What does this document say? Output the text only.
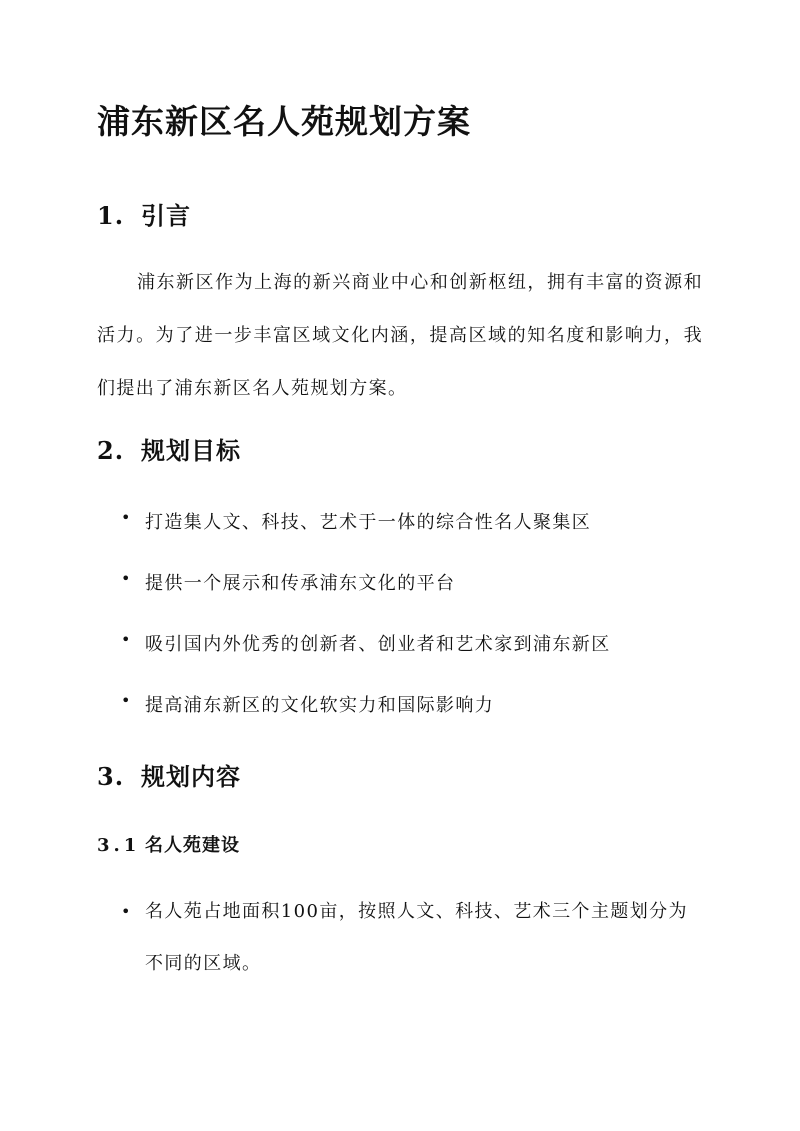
浦东新区名人苑规划方案
1. 引言

浦东新区作为上海的新兴商业中心和创新枢纽，拥有丰富的资源和活力。为了进一步丰富区域文化内涵，提高区域的知名度和影响力，我们提出了浦东新区名人苑规划方案。

2. 规划目标
• 打造集人文、科技、艺术于一体的综合性名人聚集区
• 提供一个展示和传承浦东文化的平台
• 吸引国内外优秀的创新者、创业者和艺术家到浦东新区
• 提高浦东新区的文化软实力和国际影响力
3. 规划内容
3.1 名人苑建设
• 名人苑占地面积100亩，按照人文、科技、艺术三个主题划分为不同的区域。
